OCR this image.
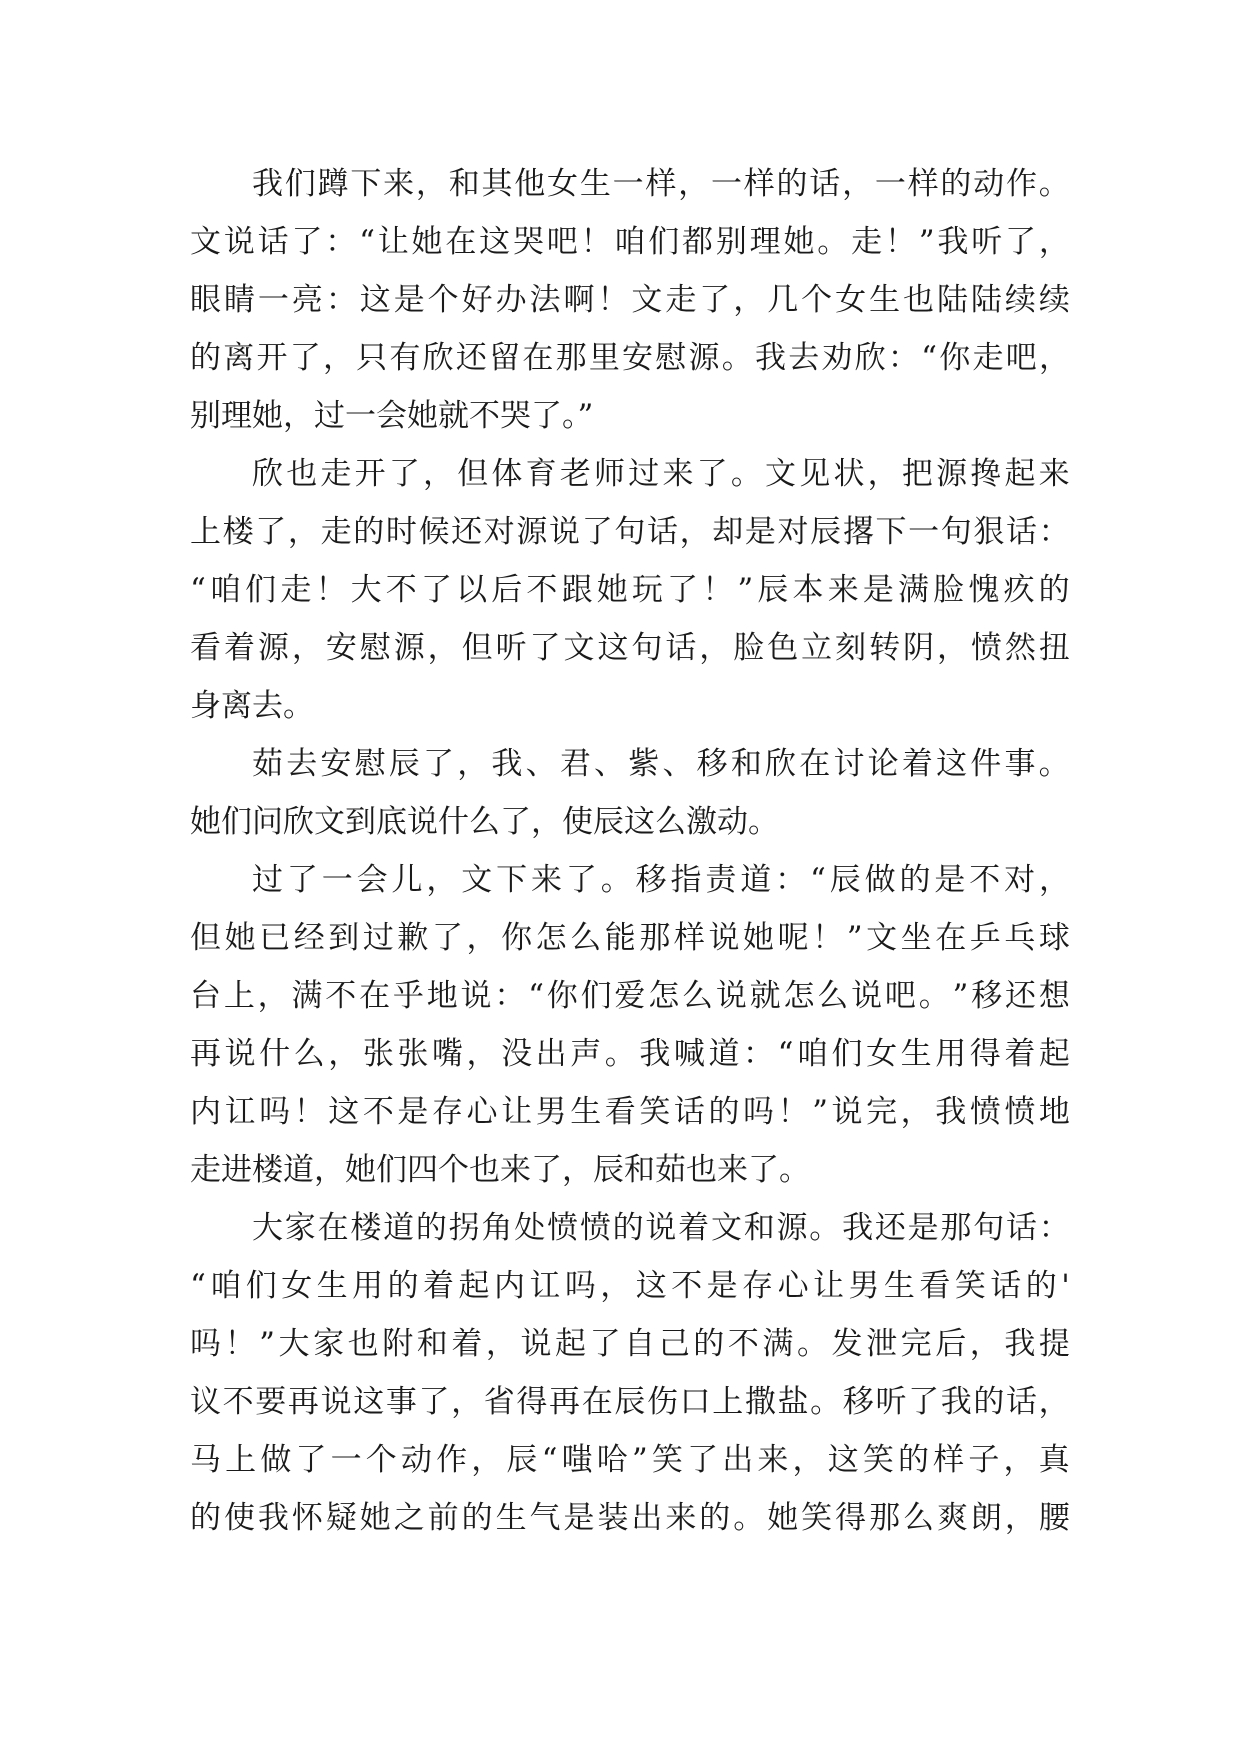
我 们 蹲 下 来 ， 和 其 他 女 生 一 样 ， 一 样 的 话 ， 一 样 的 动 作 。
文 说 话 了 ： “ 让 她 在 这 哭 吧 ！ 咱 们 都 别 理 她 。 走 ！ ” 我 听 了 ，
眼 睛 一 亮 ： 这 是 个 好 办 法 啊 ！ 文 走 了 ， 几 个 女 生 也 陆 陆 续 续
的 离 开 了 ， 只 有 欣 还 留 在 那 里 安 慰 源 。 我 去 劝 欣 ： “ 你 走 吧 ，
别理她，过一会她就不哭了。”
欣 也 走 开 了 ， 但 体 育 老 师 过 来 了 。 文 见 状 ， 把 源 搀 起 来
上 楼 了 ， 走 的 时 候 还 对 源 说 了 句 话 ， 却 是 对 辰 撂 下 一 句 狠 话 ：
“ 咱 们 走 ！ 大 不 了 以 后 不 跟 她 玩 了 ！ ” 辰 本 来 是 满 脸 愧 疚 的
看 着 源 ， 安 慰 源 ， 但 听 了 文 这 句 话 ， 脸 色 立 刻 转 阴 ， 愤 然 扭
身离去。
茹 去 安 慰 辰 了 ， 我 、 君 、 紫 、 移 和 欣 在 讨 论 着 这 件 事 。
她们问欣文到底说什么了，使辰这么激动。
过 了 一 会 儿 ， 文 下 来 了 。 移 指 责 道 ： “ 辰 做 的 是 不 对 ，
但 她 已 经 到 过 歉 了 ， 你 怎 么 能 那 样 说 她 呢 ！ ” 文 坐 在 乒 乓 球
台 上 ， 满 不 在 乎 地 说 ： “ 你 们 爱 怎 么 说 就 怎 么 说 吧 。 ” 移 还 想
再 说 什 么 ， 张 张 嘴 ， 没 出 声 。 我 喊 道 ： “ 咱 们 女 生 用 得 着 起
内 讧 吗 ！ 这 不 是 存 心 让 男 生 看 笑 话 的 吗 ！ ” 说 完 ， 我 愤 愤 地
走进楼道，她们四个也来了，辰和茹也来了。
大 家 在 楼 道 的 拐 角 处 愤 愤 的 说 着 文 和 源 。 我 还 是 那 句 话 ：
“ 咱 们 女 生 用 的 着 起 内 讧 吗 ， 这 不 是 存 心 让 男 生 看 笑 话 的 '
吗 ！ ” 大 家 也 附 和 着 ， 说 起 了 自 己 的 不 满 。 发 泄 完 后 ， 我 提
议 不 要 再 说 这 事 了 ， 省 得 再 在 辰 伤 口 上 撒 盐 。 移 听 了 我 的 话 ，
马 上 做 了 一 个 动 作 ， 辰 “ 嗤 哈 ” 笑 了 出 来 ， 这 笑 的 样 子 ， 真
的 使 我 怀 疑 她 之 前 的 生 气 是 装 出 来 的 。 她 笑 得 那 么 爽 朗 ， 腰
